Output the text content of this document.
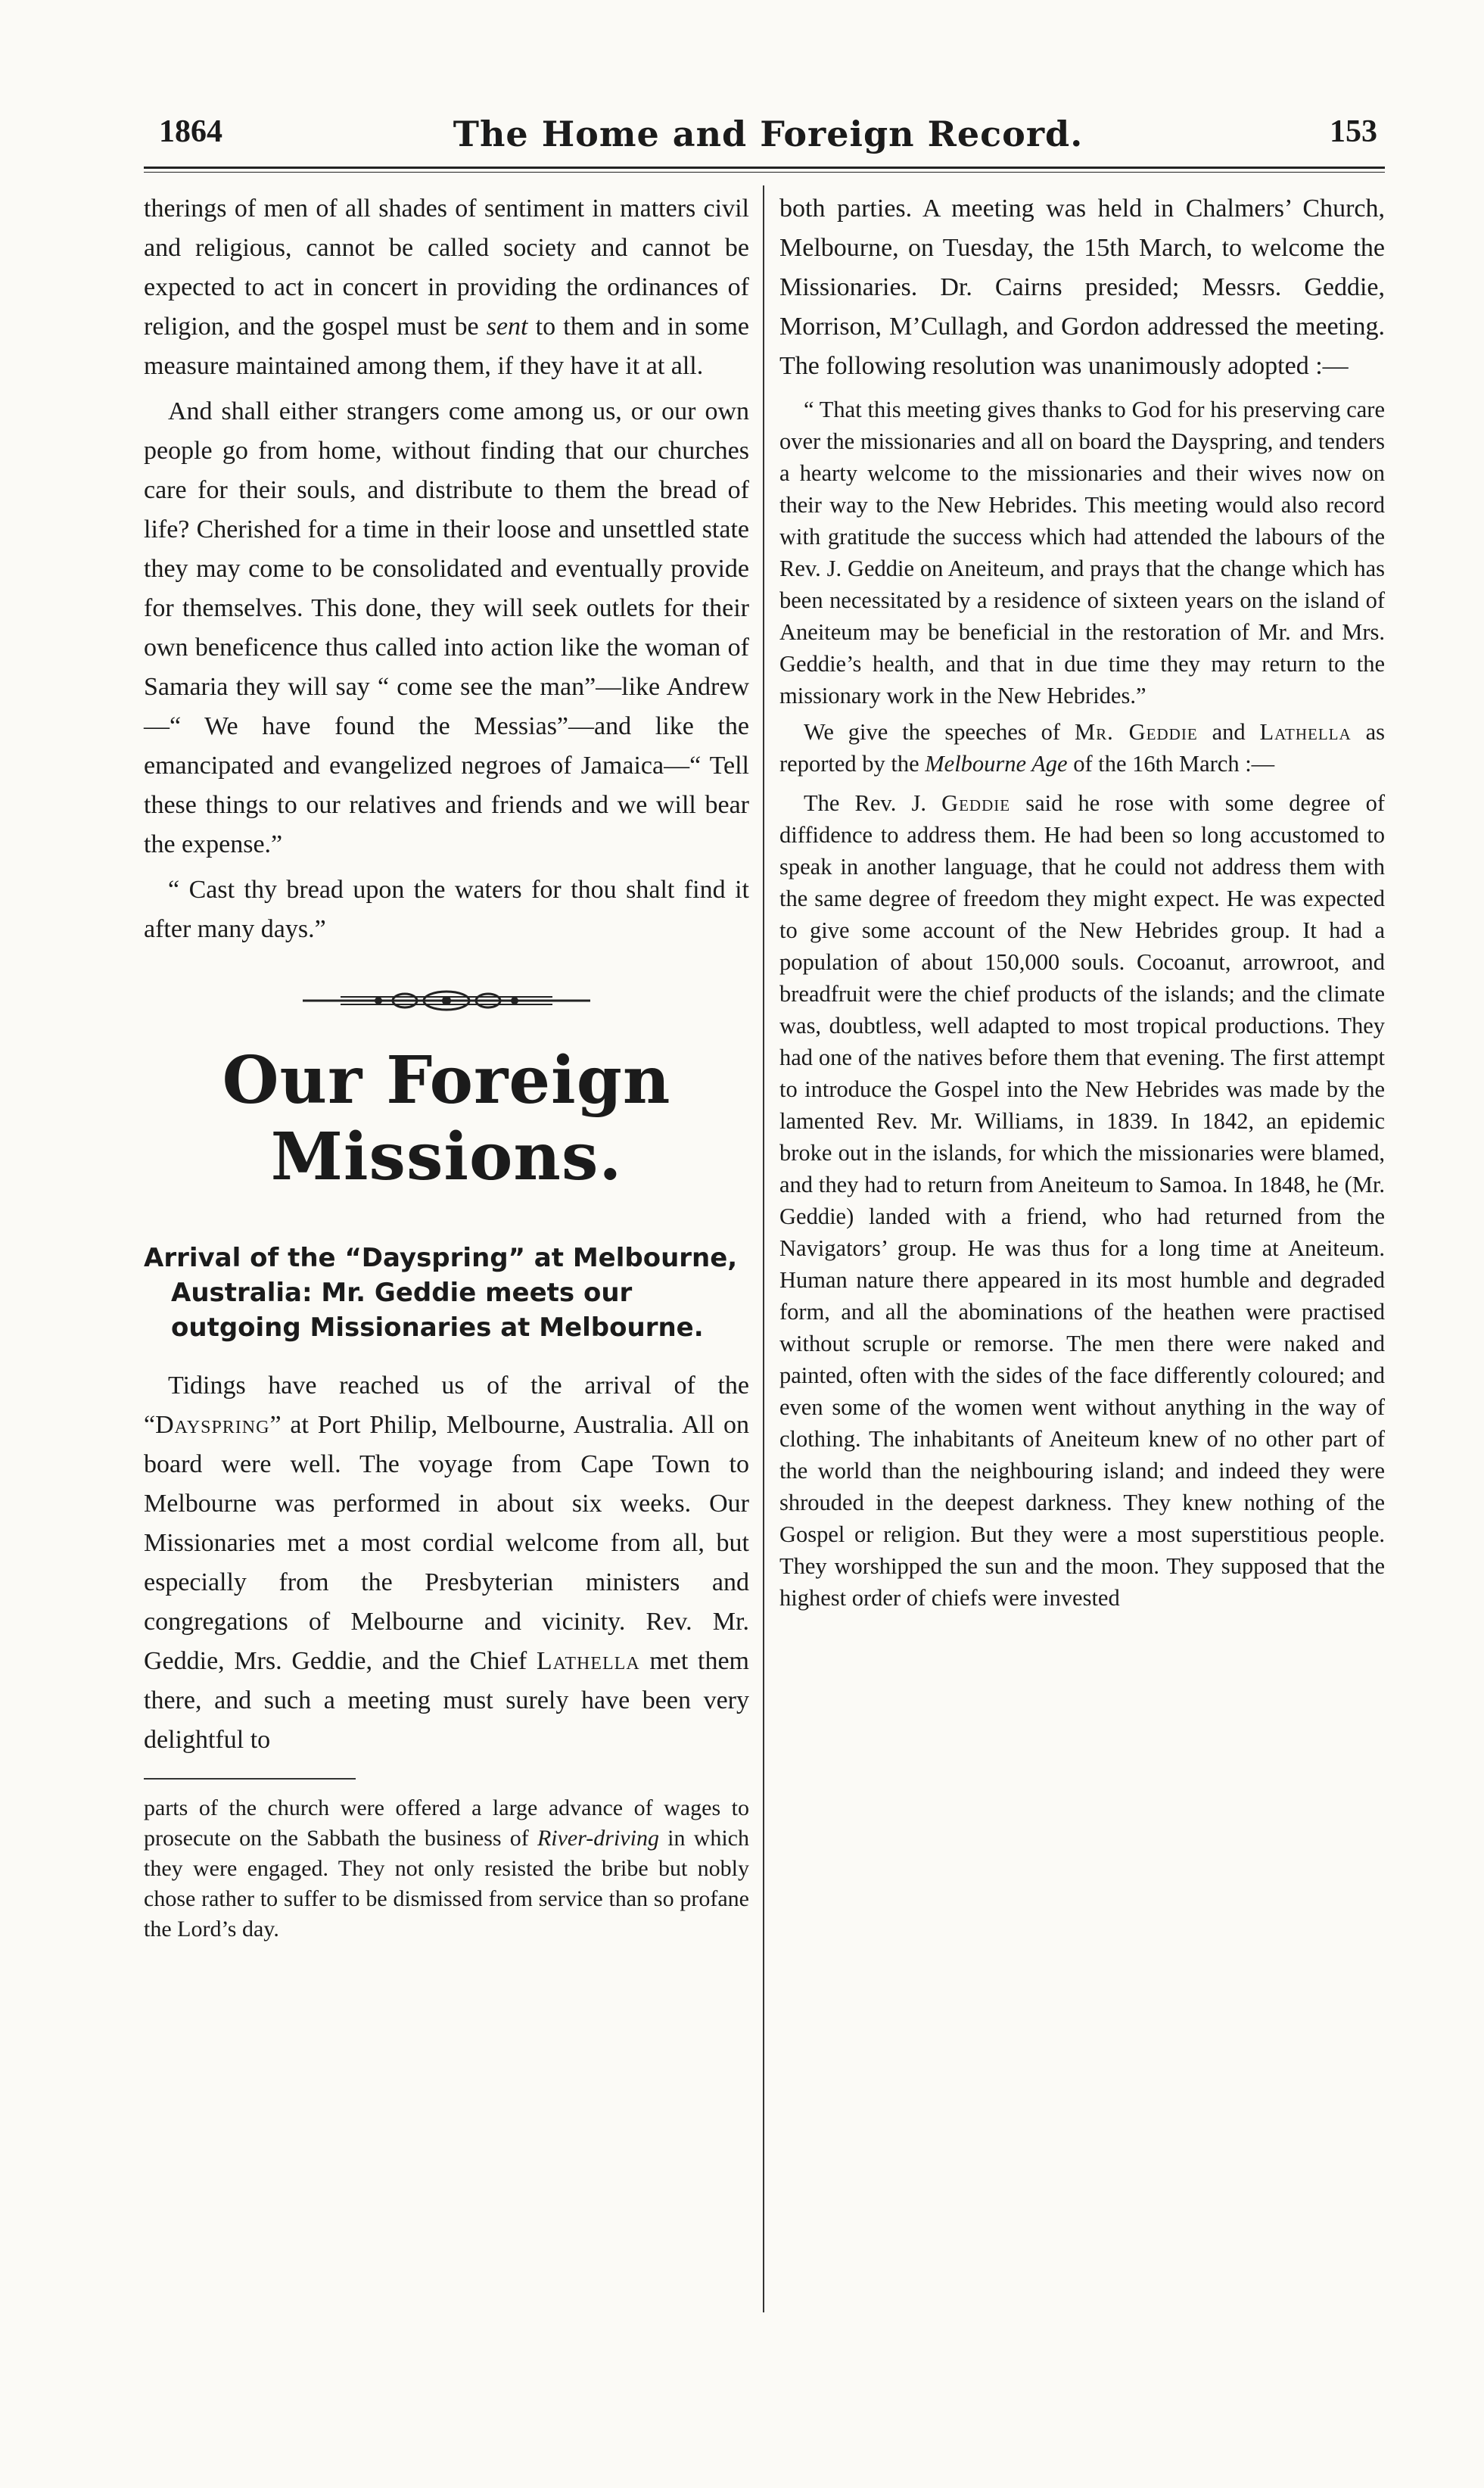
1864	The Home and Foreign Record.	153

therings of men of all shades of sentiment in matters civil and religious, cannot be called society and cannot be expected to act in concert in providing the ordinances of religion, and the gospel must be sent to them and in some measure maintained among them, if they have it at all.

And shall either strangers come among us, or our own people go from home, without finding that our churches care for their souls, and distribute to them the bread of life? Cherished for a time in their loose and unsettled state they may come to be consolidated and eventually provide for themselves. This done, they will seek outlets for their own beneficence thus called into action like the woman of Samaria they will say “ come see the man”—like Andrew—“ We have found the Messias”—and like the emancipated and evangelized negroes of Jamaica—“ Tell these things to our relatives and friends and we will bear the expense.”

“ Cast thy bread upon the waters for thou shalt find it after many days.”

Our Foreign Missions.

Arrival of the “Dayspring” at Melbourne, Australia: Mr. Geddie meets our outgoing Missionaries at Melbourne.

Tidings have reached us of the arrival of the “Dayspring” at Port Philip, Melbourne, Australia. All on board were well. The voyage from Cape Town to Melbourne was performed in about six weeks. Our Missionaries met a most cordial welcome from all, but especially from the Presbyterian ministers and congregations of Melbourne and vicinity. Rev. Mr. Geddie, Mrs. Geddie, and the Chief Lathella met them there, and such a meeting must surely have been very delightful to

parts of the church were offered a large advance of wages to prosecute on the Sabbath the business of River-driving in which they were engaged. They not only resisted the bribe but nobly chose rather to suffer to be dismissed from service than so profane the Lord’s day.

both parties. A meeting was held in Chalmers’ Church, Melbourne, on Tuesday, the 15th March, to welcome the Missionaries. Dr. Cairns presided; Messrs. Geddie, Morrison, M’Cullagh, and Gordon addressed the meeting. The following resolution was unanimously adopted :—

“ That this meeting gives thanks to God for his preserving care over the missionaries and all on board the Dayspring, and tenders a hearty welcome to the missionaries and their wives now on their way to the New Hebrides. This meeting would also record with gratitude the success which had attended the labours of the Rev. J. Geddie on Aneiteum, and prays that the change which has been necessitated by a residence of sixteen years on the island of Aneiteum may be beneficial in the restoration of Mr. and Mrs. Geddie’s health, and that in due time they may return to the missionary work in the New Hebrides.”

We give the speeches of Mr. Geddie and Lathella as reported by the Melbourne Age of the 16th March :—

The Rev. J. Geddie said he rose with some degree of diffidence to address them. He had been so long accustomed to speak in another language, that he could not address them with the same degree of freedom they might expect. He was expected to give some account of the New Hebrides group. It had a population of about 150,000 souls. Cocoanut, arrowroot, and breadfruit were the chief products of the islands; and the climate was, doubtless, well adapted to most tropical productions. They had one of the natives before them that evening. The first attempt to introduce the Gospel into the New Hebrides was made by the lamented Rev. Mr. Williams, in 1839. In 1842, an epidemic broke out in the islands, for which the missionaries were blamed, and they had to return from Aneiteum to Samoa. In 1848, he (Mr. Geddie) landed with a friend, who had returned from the Navigators’ group. He was thus for a long time at Aneiteum. Human nature there appeared in its most humble and degraded form, and all the abominations of the heathen were practised without scruple or remorse. The men there were naked and painted, often with the sides of the face differently coloured; and even some of the women went without anything in the way of clothing. The inhabitants of Aneiteum knew of no other part of the world than the neighbouring island; and indeed they were shrouded in the deepest darkness. They knew nothing of the Gospel or religion. But they were a most superstitious people. They worshipped the sun and the moon. They supposed that the highest order of chiefs were invested
